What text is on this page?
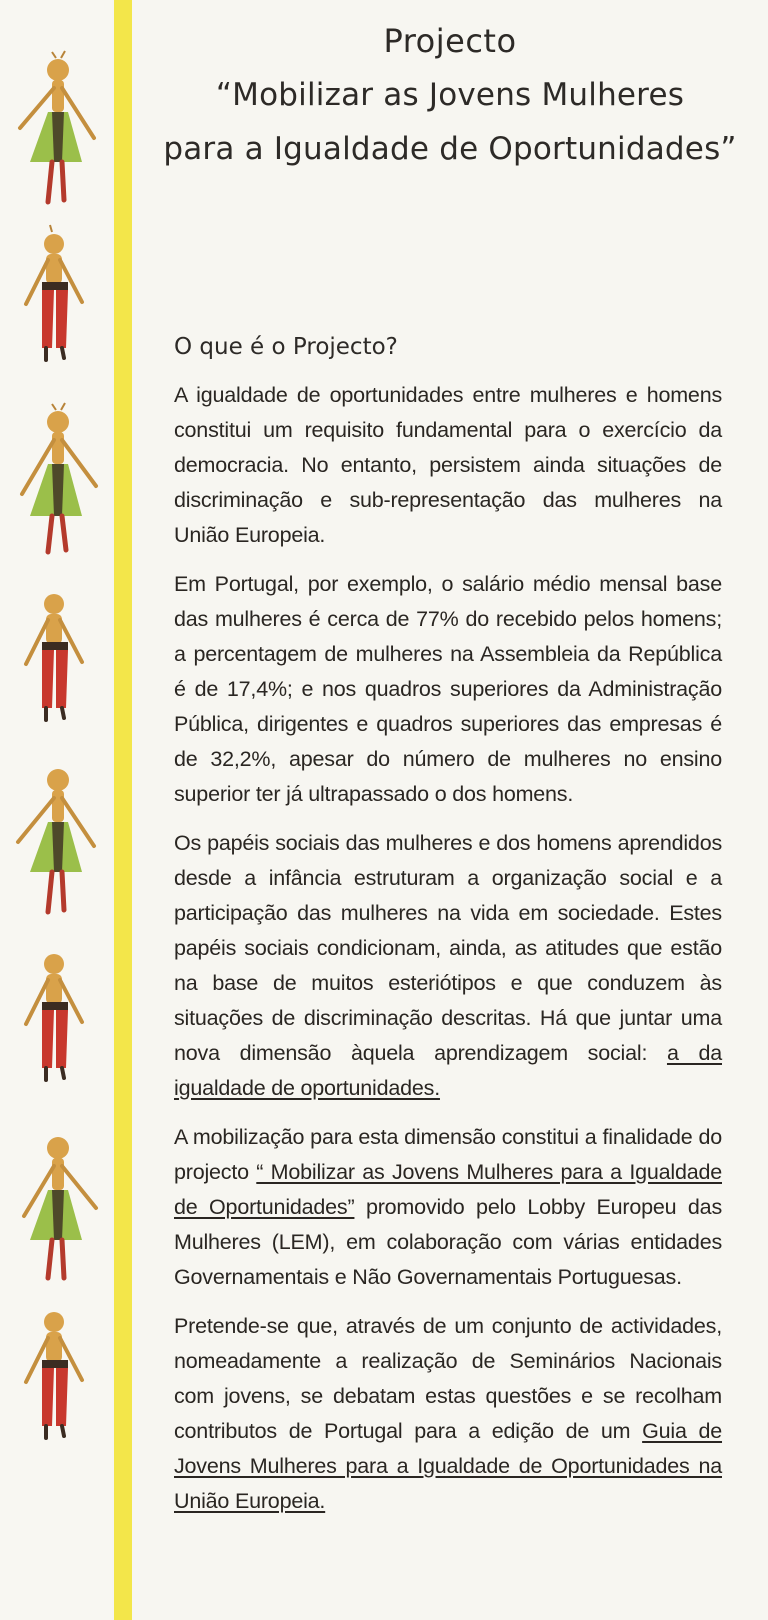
Projecto
“Mobilizar as Jovens Mulheres
para a Igualdade de Oportunidades”
O que é o Projecto?

A igualdade de oportunidades entre mulheres e homens constitui um requisito fundamental para o exercício da democracia. No entanto, persistem ainda situações de discriminação e sub-representação das mulheres na União Europeia.

Em Portugal, por exemplo, o salário médio mensal base das mulheres é cerca de 77% do recebido pelos homens; a percentagem de mulheres na Assembleia da República é de 17,4%; e nos quadros superiores da Administração Pública, dirigentes e quadros superiores das empresas é de 32,2%, apesar do número de mulheres no ensino superior ter já ultrapassado o dos homens.

Os papéis sociais das mulheres e dos homens aprendidos desde a infância estruturam a organização social e a participação das mulheres na vida em sociedade. Estes papéis sociais condicionam, ainda, as atitudes que estão na base de muitos esteriótipos e que conduzem às situações de discriminação descritas. Há que juntar uma nova dimensão àquela aprendizagem social: a da igualdade de oportunidades.

A mobilização para esta dimensão constitui a finalidade do projecto “ Mobilizar as Jovens Mulheres para a Igualdade de Oportunidades” promovido pelo Lobby Europeu das Mulheres (LEM), em colaboração com várias entidades Governamentais e Não Governamentais Portuguesas.

Pretende-se que, através de um conjunto de actividades, nomeadamente a realização de Seminários Nacionais com jovens, se debatam estas questões e se recolham contributos de Portugal para a edição de um Guia de Jovens Mulheres para a Igualdade de Oportunidades na União Europeia.
